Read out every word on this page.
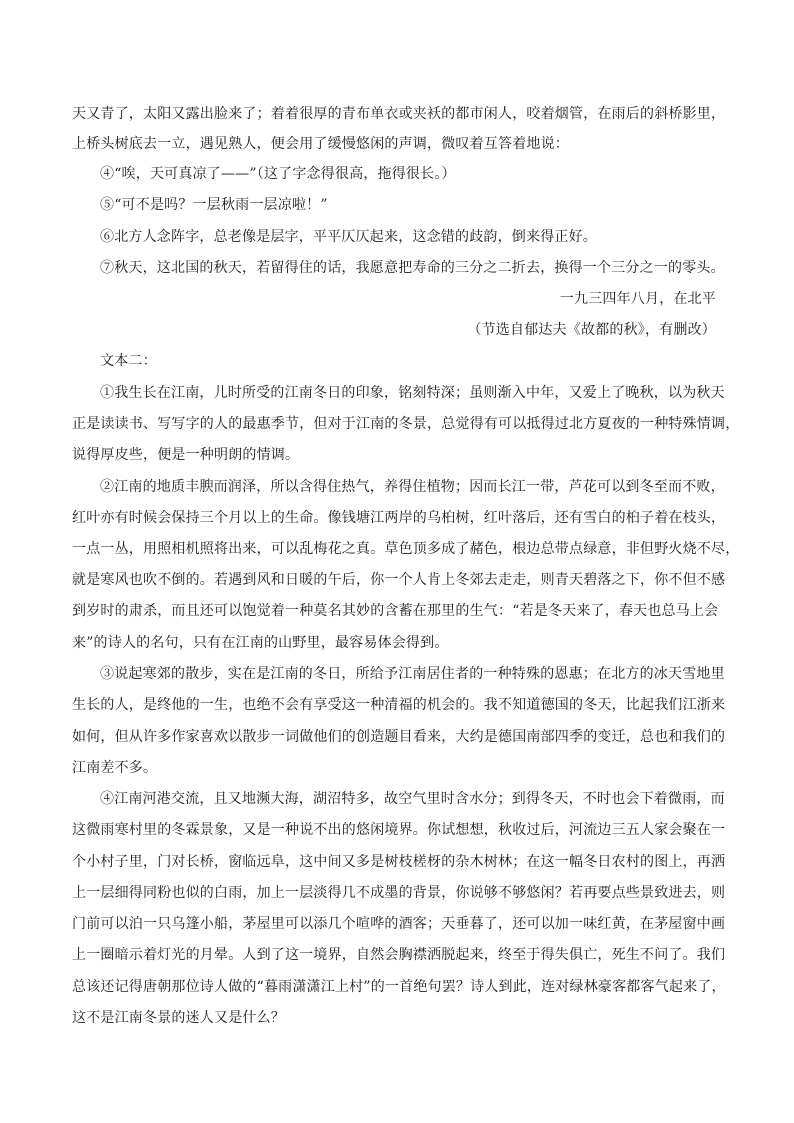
天又青了，太阳又露出脸来了；着着很厚的青布单衣或夹袄的都市闲人，咬着烟管，在雨后的斜桥影里，
上桥头树底去一立，遇见熟人，便会用了缓慢悠闲的声调，微叹着互答着地说：
④“唉，天可真凉了——”（这了字念得很高，拖得很长。）
⑤“可不是吗？一层秋雨一层凉啦！”
⑥北方人念阵字，总老像是层字，平平仄仄起来，这念错的歧韵，倒来得正好。
⑦秋天，这北国的秋天，若留得住的话，我愿意把寿命的三分之二折去，换得一个三分之一的零头。
一九三四年八月，在北平
（节选自郁达夫《故都的秋》，有删改）
文本二：
①我生长在江南，儿时所受的江南冬日的印象，铭刻特深；虽则渐入中年，又爱上了晚秋，以为秋天
正是读读书、写写字的人的最惠季节，但对于江南的冬景，总觉得有可以抵得过北方夏夜的一种特殊情调，
说得厚皮些，便是一种明朗的情调。
②江南的地质丰腴而润泽，所以含得住热气，养得住植物；因而长江一带，芦花可以到冬至而不败，
红叶亦有时候会保持三个月以上的生命。像钱塘江两岸的乌桕树，红叶落后，还有雪白的桕子着在枝头，
一点一丛，用照相机照将出来，可以乱梅花之真。草色顶多成了赭色，根边总带点绿意，非但野火烧不尽，
就是寒风也吹不倒的。若遇到风和日暖的午后，你一个人肯上冬郊去走走，则青天碧落之下，你不但不感
到岁时的肃杀，而且还可以饱觉着一种莫名其妙的含蓄在那里的生气：“若是冬天来了，春天也总马上会
来”的诗人的名句，只有在江南的山野里，最容易体会得到。
③说起寒郊的散步，实在是江南的冬日，所给予江南居住者的一种特殊的恩惠；在北方的冰天雪地里
生长的人，是终他的一生，也绝不会有享受这一种清福的机会的。我不知道德国的冬天，比起我们江浙来
如何，但从许多作家喜欢以散步一词做他们的创造题目看来，大约是德国南部四季的变迁，总也和我们的
江南差不多。
④江南河港交流，且又地濒大海，湖沼特多，故空气里时含水分；到得冬天，不时也会下着微雨，而
这微雨寒村里的冬霖景象，又是一种说不出的悠闲境界。你试想想，秋收过后，河流边三五人家会聚在一
个小村子里，门对长桥，窗临远阜，这中间又多是树枝槎枒的杂木树林；在这一幅冬日农村的图上，再洒
上一层细得同粉也似的白雨，加上一层淡得几不成墨的背景，你说够不够悠闲？若再要点些景致进去，则
门前可以泊一只乌篷小船，茅屋里可以添几个喧哗的酒客；天垂暮了，还可以加一味红黄，在茅屋窗中画
上一圈暗示着灯光的月晕。人到了这一境界，自然会胸襟洒脱起来，终至于得失俱亡，死生不问了。我们
总该还记得唐朝那位诗人做的“暮雨潇潇江上村”的一首绝句罢？诗人到此，连对绿林豪客都客气起来了，
这不是江南冬景的迷人又是什么？
